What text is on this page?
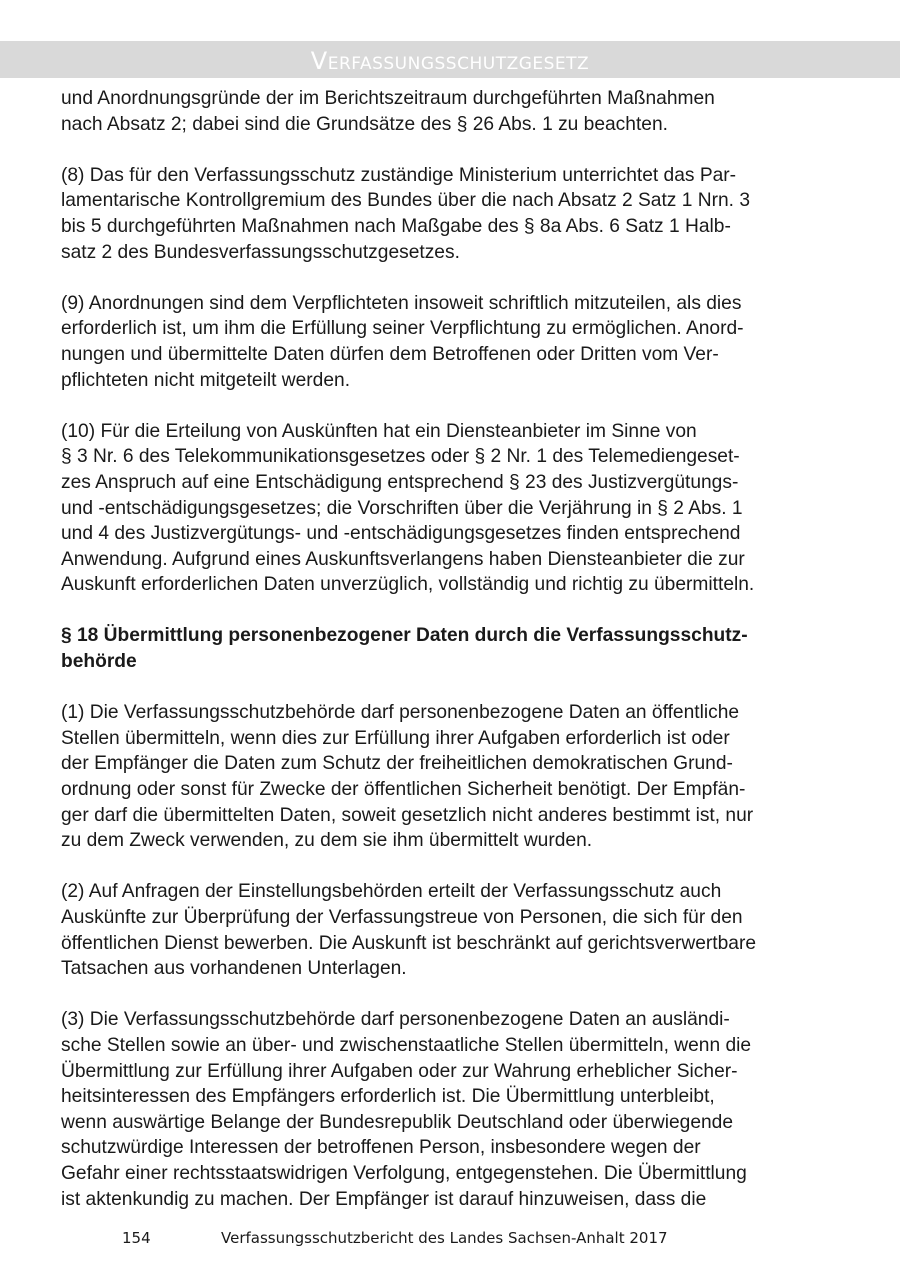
Verfassungsschutzgesetz
und Anordnungsgründe der im Berichtszeitraum durchgeführten Maßnahmen
nach Absatz 2; dabei sind die Grundsätze des § 26 Abs. 1 zu beachten.
(8) Das für den Verfassungsschutz zuständige Ministerium unterrichtet das Par-
lamentarische Kontrollgremium des Bundes über die nach Absatz 2 Satz 1 Nrn. 3
bis 5 durchgeführten Maßnahmen nach Maßgabe des § 8a Abs. 6 Satz 1 Halb-
satz 2 des Bundesverfassungsschutzgesetzes.
(9) Anordnungen sind dem Verpflichteten insoweit schriftlich mitzuteilen, als dies
erforderlich ist, um ihm die Erfüllung seiner Verpflichtung zu ermöglichen. Anord-
nungen und übermittelte Daten dürfen dem Betroffenen oder Dritten vom Ver-
pflichteten nicht mitgeteilt werden.
(10) Für die Erteilung von Auskünften hat ein Diensteanbieter im Sinne von
§ 3 Nr. 6 des Telekommunikationsgesetzes oder § 2 Nr. 1 des Telemediengeset-
zes Anspruch auf eine Entschädigung entsprechend § 23 des Justizvergütungs-
und -entschädigungsgesetzes; die Vorschriften über die Verjährung in § 2 Abs. 1
und 4 des Justizvergütungs- und -entschädigungsgesetzes finden entsprechend
Anwendung. Aufgrund eines Auskunftsverlangens haben Diensteanbieter die zur
Auskunft erforderlichen Daten unverzüglich, vollständig und richtig zu übermitteln.
§ 18 Übermittlung personenbezogener Daten durch die Verfassungsschutz-
behörde
(1) Die Verfassungsschutzbehörde darf personenbezogene Daten an öffentliche
Stellen übermitteln, wenn dies zur Erfüllung ihrer Aufgaben erforderlich ist oder
der Empfänger die Daten zum Schutz der freiheitlichen demokratischen Grund-
ordnung oder sonst für Zwecke der öffentlichen Sicherheit benötigt. Der Empfän-
ger darf die übermittelten Daten, soweit gesetzlich nicht anderes bestimmt ist, nur
zu dem Zweck verwenden, zu dem sie ihm übermittelt wurden.
(2) Auf Anfragen der Einstellungsbehörden erteilt der Verfassungsschutz auch
Auskünfte zur Überprüfung der Verfassungstreue von Personen, die sich für den
öffentlichen Dienst bewerben. Die Auskunft ist beschränkt auf gerichtsverwertbare
Tatsachen aus vorhandenen Unterlagen.
(3) Die Verfassungsschutzbehörde darf personenbezogene Daten an ausländi-
sche Stellen sowie an über- und zwischenstaatliche Stellen übermitteln, wenn die
Übermittlung zur Erfüllung ihrer Aufgaben oder zur Wahrung erheblicher Sicher-
heitsinteressen des Empfängers erforderlich ist. Die Übermittlung unterbleibt,
wenn auswärtige Belange der Bundesrepublik Deutschland oder überwiegende
schutzwürdige Interessen der betroffenen Person, insbesondere wegen der
Gefahr einer rechtsstaatswidrigen Verfolgung, entgegenstehen. Die Übermittlung
ist aktenkundig zu machen. Der Empfänger ist darauf hinzuweisen, dass die
154	Verfassungsschutzbericht des Landes Sachsen-Anhalt 2017
